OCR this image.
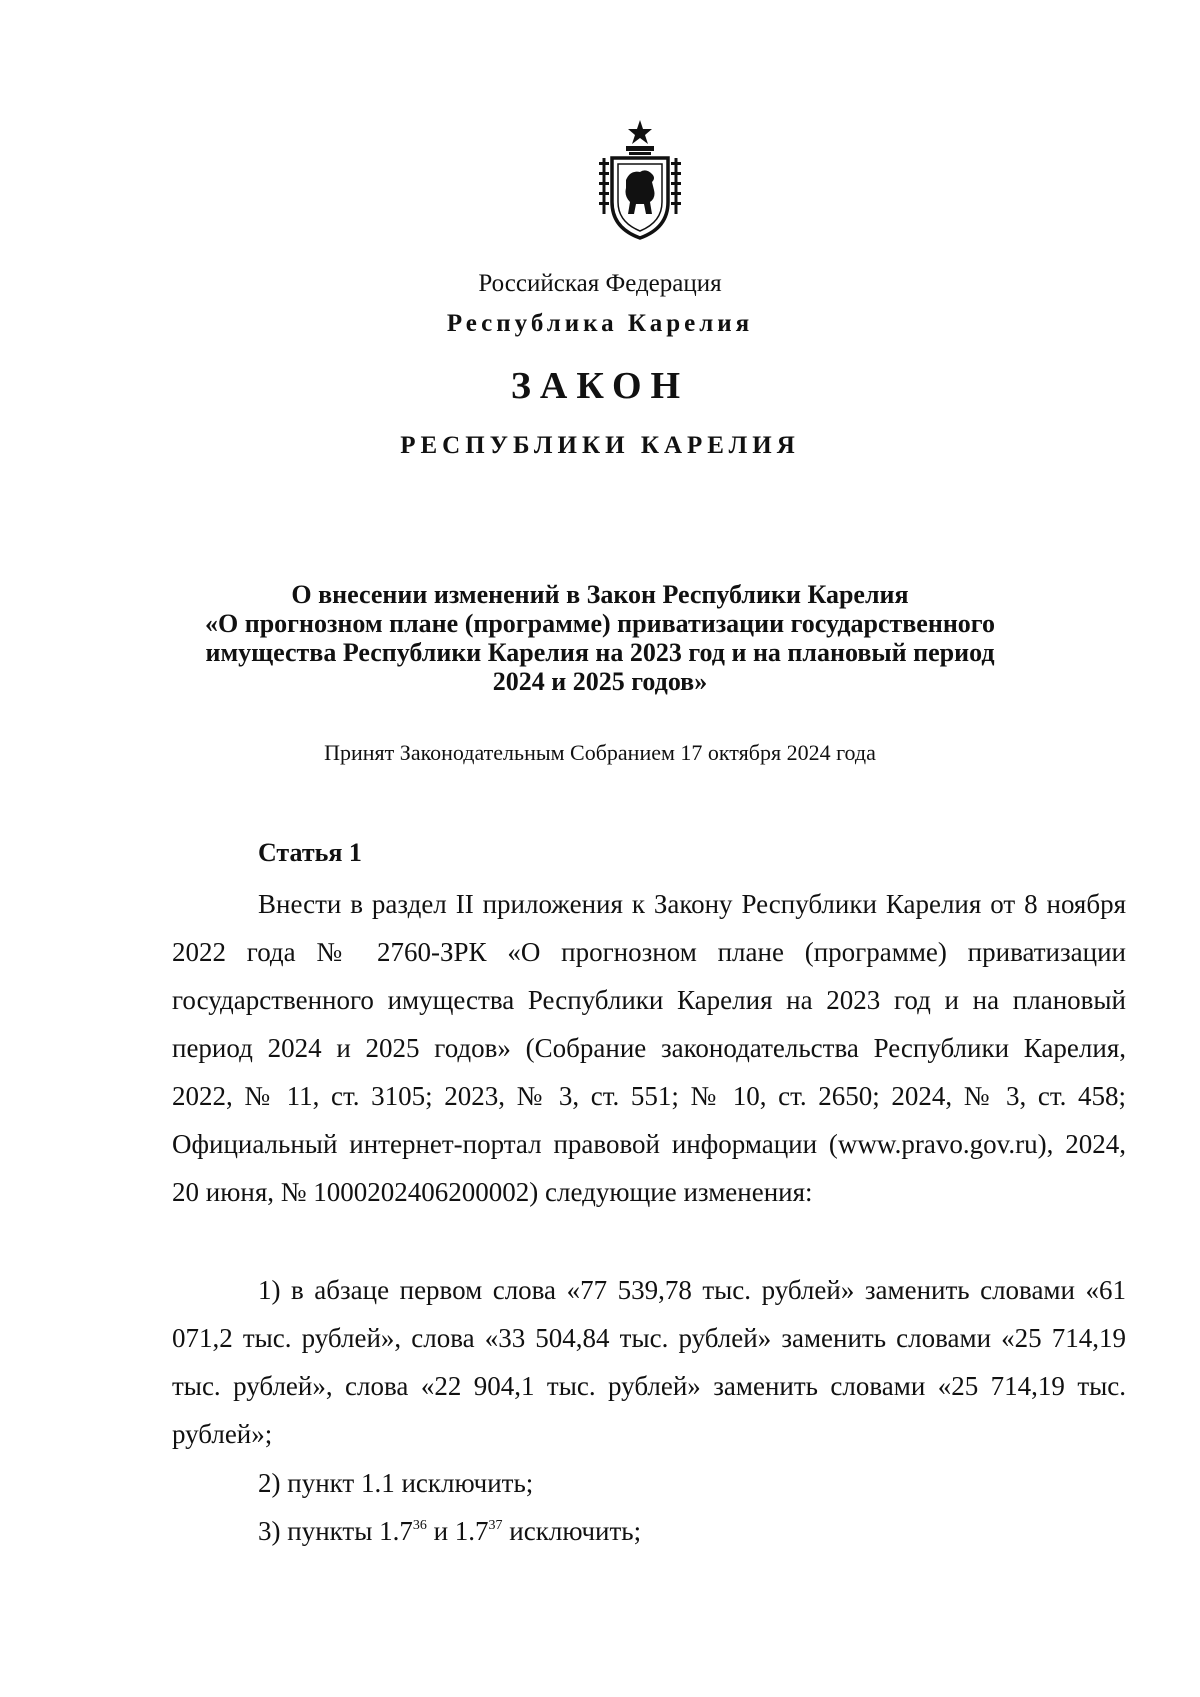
Российская Федерация

Республика Карелия

ЗАКОН

РЕСПУБЛИКИ КАРЕЛИЯ

О внесении изменений в Закон Республики Карелия
«О прогнозном плане (программе) приватизации государственного
имущества Республики Карелия на 2023 год и на плановый период
2024 и 2025 годов»

Принят Законодательным Собранием 17 октября 2024 года

Статья 1

Внести в раздел II приложения к Закону Республики Карелия от 8 ноября 2022 года № 2760-ЗРК «О прогнозном плане (программе) приватизации государственного имущества Республики Карелия на 2023 год и на плановый период 2024 и 2025 годов» (Собрание законодательства Республики Карелия, 2022, № 11, ст. 3105; 2023, № 3, ст. 551; № 10, ст. 2650; 2024, № 3, ст. 458; Официальный интернет-портал правовой информации (www.pravo.gov.ru), 2024, 20 июня, № 1000202406200002) следующие изменения:

1) в абзаце первом слова «77 539,78 тыс. рублей» заменить словами «61 071,2 тыс. рублей», слова «33 504,84 тыс. рублей» заменить словами «25 714,19 тыс. рублей», слова «22 904,1 тыс. рублей» заменить словами «25 714,19 тыс. рублей»;

2) пункт 1.1 исключить;

3) пункты $1.7^{36}$ и $1.7^{37}$ исключить;
